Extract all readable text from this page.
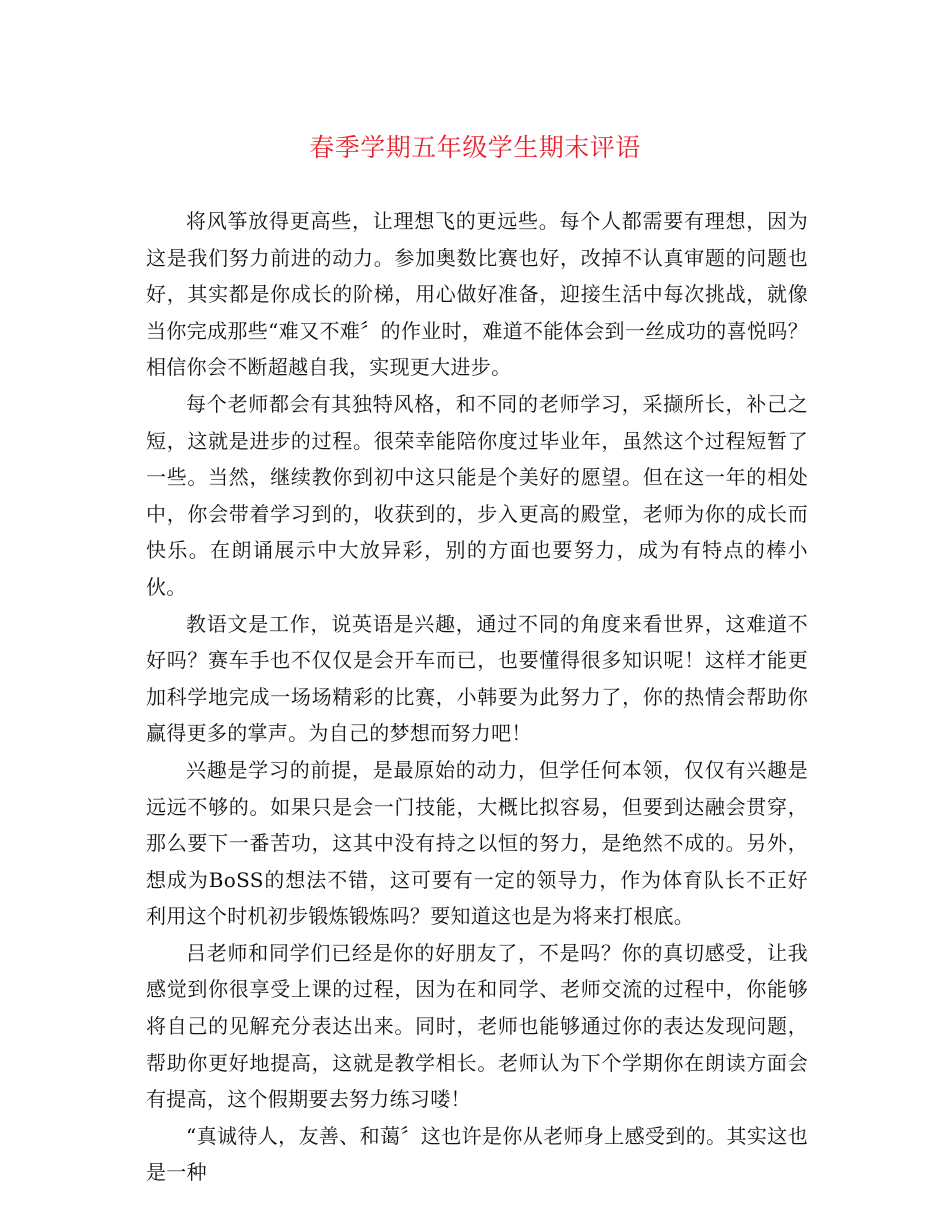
春季学期五年级学生期末评语

将风筝放得更高些，让理想飞的更远些。每个人都需要有理想，因为这是我们努力前进的动力。参加奥数比赛也好，改掉不认真审题的问题也好，其实都是你成长的阶梯，用心做好准备，迎接生活中每次挑战，就像当你完成那些“难又不难〞的作业时，难道不能体会到一丝成功的喜悦吗？相信你会不断超越自我，实现更大进步。

每个老师都会有其独特风格，和不同的老师学习，采撷所长，补己之短，这就是进步的过程。很荣幸能陪你度过毕业年，虽然这个过程短暂了一些。当然，继续教你到初中这只能是个美好的愿望。但在这一年的相处中，你会带着学习到的，收获到的，步入更高的殿堂，老师为你的成长而快乐。在朗诵展示中大放异彩，别的方面也要努力，成为有特点的棒小伙。

教语文是工作，说英语是兴趣，通过不同的角度来看世界，这难道不好吗？赛车手也不仅仅是会开车而已，也要懂得很多知识呢！这样才能更加科学地完成一场场精彩的比赛，小韩要为此努力了，你的热情会帮助你赢得更多的掌声。为自己的梦想而努力吧！

兴趣是学习的前提，是最原始的动力，但学任何本领，仅仅有兴趣是远远不够的。如果只是会一门技能，大概比拟容易，但要到达融会贯穿，那么要下一番苦功，这其中没有持之以恒的努力，是绝然不成的。另外，想成为BoSS的想法不错，这可要有一定的领导力，作为体育队长不正好利用这个时机初步锻炼锻炼吗？要知道这也是为将来打根底。

吕老师和同学们已经是你的好朋友了，不是吗？你的真切感受，让我感觉到你很享受上课的过程，因为在和同学、老师交流的过程中，你能够将自己的见解充分表达出来。同时，老师也能够通过你的表达发现问题，帮助你更好地提高，这就是教学相长。老师认为下个学期你在朗读方面会有提高，这个假期要去努力练习喽！

“真诚待人，友善、和蔼〞这也许是你从老师身上感受到的。其实这也是一种
